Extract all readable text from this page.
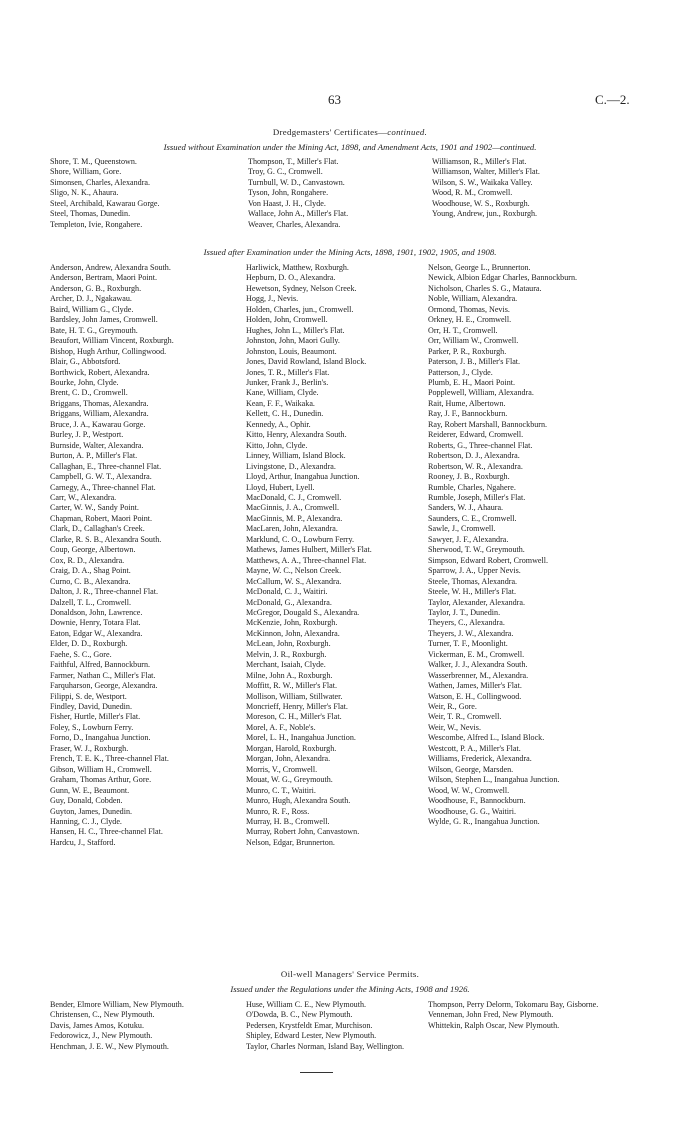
63	C.—2.
Dredgemasters' Certificates—continued.
Issued without Examination under the Mining Act, 1898, and Amendment Acts, 1901 and 1902—continued.
Shore, T. M., Queenstown.
Shore, William, Gore.
Simonsen, Charles, Alexandra.
Sligo, N. K., Ahaura.
Steel, Archibald, Kawarau Gorge.
Steel, Thomas, Dunedin.
Templeton, Ivie, Rongahere.
Thompson, T., Miller's Flat.
Troy, G. C., Cromwell.
Turnbull, W. D., Canvastown.
Tyson, John, Rongahere.
Von Haast, J. H., Clyde.
Wallace, John A., Miller's Flat.
Weaver, Charles, Alexandra.
Williamson, R., Miller's Flat.
Williamson, Walter, Miller's Flat.
Wilson, S. W., Waikaka Valley.
Wood, R. M., Cromwell.
Woodhouse, W. S., Roxburgh.
Young, Andrew, jun., Roxburgh.
Issued after Examination under the Mining Acts, 1898, 1901, 1902, 1905, and 1908.
Anderson, Andrew, Alexandra South.
Anderson, Bertram, Maori Point.
Anderson, G. B., Roxburgh.
Archer, D. J., Ngakawau.
Baird, William G., Clyde.
Bardsley, John James, Cromwell.
Bate, H. T. G., Greymouth.
Beaufort, William Vincent, Roxburgh.
Bishop, Hugh Arthur, Collingwood.
Blair, G., Abbotsford.
Borthwick, Robert, Alexandra.
Bourke, John, Clyde.
Brent, C. D., Cromwell.
Briggans, Thomas, Alexandra.
Briggans, William, Alexandra.
Bruce, J. A., Kawarau Gorge.
Burley, J. P., Westport.
Burnside, Walter, Alexandra.
Burton, A. P., Miller's Flat.
Callaghan, E., Three-channel Flat.
Campbell, G. W. T., Alexandra.
Carnegy, A., Three-channel Flat.
Carr, W., Alexandra.
Carter, W. W., Sandy Point.
Chapman, Robert, Maori Point.
Clark, D., Callaghan's Creek.
Clarke, R. S. B., Alexandra South.
Coup, George, Albertown.
Cox, R. D., Alexandra.
Craig, D. A., Shag Point.
Curno, C. B., Alexandra.
Dalton, J. R., Three-channel Flat.
Dalzell, T. L., Cromwell.
Donaldson, John, Lawrence.
Downie, Henry, Totara Flat.
Eaton, Edgar W., Alexandra.
Elder, D. D., Roxburgh.
Faehe, S. C., Gore.
Faithful, Alfred, Bannockburn.
Farmer, Nathan C., Miller's Flat.
Farquharson, George, Alexandra.
Filippi, S. de, Westport.
Findley, David, Dunedin.
Fisher, Hurtle, Miller's Flat.
Foley, S., Lowburn Ferry.
Forno, D., Inangahua Junction.
Fraser, W. J., Roxburgh.
French, T. E. K., Three-channel Flat.
Gibson, William H., Cromwell.
Graham, Thomas Arthur, Gore.
Gunn, W. E., Beaumont.
Guy, Donald, Cobden.
Guyton, James, Dunedin.
Hanning, C. J., Clyde.
Hansen, H. C., Three-channel Flat.
Hardcu, J., Stafford.
Harliwick, Matthew, Roxburgh.
Hepburn, D. O., Alexandra.
Hewetson, Sydney, Nelson Creek.
Hogg, J., Nevis.
Holden, Charles, jun., Cromwell.
Holden, John, Cromwell.
Hughes, John L., Miller's Flat.
Johnston, John, Maori Gully.
Johnston, Louis, Beaumont.
Jones, David Rowland, Island Block.
Jones, T. R., Miller's Flat.
Junker, Frank J., Berlin's.
Kane, William, Clyde.
Kean, F. F., Waikaka.
Kellett, C. H., Dunedin.
Kennedy, A., Ophir.
Kitto, Henry, Alexandra South.
Kitto, John, Clyde.
Linney, William, Island Block.
Livingstone, D., Alexandra.
Lloyd, Arthur, Inangahua Junction.
Lloyd, Hubert, Lyell.
MacDonald, C. J., Cromwell.
MacGinnis, J. A., Cromwell.
MacGinnis, M. P., Alexandra.
MacLaren, John, Alexandra.
Marklund, C. O., Lowburn Ferry.
Mathews, James Hulbert, Miller's Flat.
Matthews, A. A., Three-channel Flat.
Mayne, W. C., Nelson Creek.
McCallum, W. S., Alexandra.
McDonald, C. J., Waitiri.
McDonald, G., Alexandra.
McGregor, Dougald S., Alexandra.
McKenzie, John, Roxburgh.
McKinnon, John, Alexandra.
McLean, John, Roxburgh.
Melvin, J. R., Roxburgh.
Merchant, Isaiah, Clyde.
Milne, John A., Roxburgh.
Moffitt, R. W., Miller's Flat.
Mollison, William, Stillwater.
Moncrieff, Henry, Miller's Flat.
Moreson, C. H., Miller's Flat.
Morel, A. F., Noble's.
Morel, L. H., Inangahua Junction.
Morgan, Harold, Roxburgh.
Morgan, John, Alexandra.
Morris, V., Cromwell.
Mouat, W. G., Greymouth.
Munro, C. T., Waitiri.
Munro, Hugh, Alexandra South.
Munro, R. F., Ross.
Murray, H. B., Cromwell.
Murray, Robert John, Canvastown.
Nelson, Edgar, Brunnerton.
Nelson, George L., Brunnerton.
Newick, Albion Edgar Charles, Bannockburn.
Nicholson, Charles S. G., Mataura.
Noble, William, Alexandra.
Ormond, Thomas, Nevis.
Orkney, H. E., Cromwell.
Orr, H. T., Cromwell.
Orr, William W., Cromwell.
Parker, P. R., Roxburgh.
Paterson, J. B., Miller's Flat.
Patterson, J., Clyde.
Plumb, E. H., Maori Point.
Popplewell, William, Alexandra.
Rait, Hume, Albertown.
Ray, J. F., Bannockburn.
Ray, Robert Marshall, Bannockburn.
Reiderer, Edward, Cromwell.
Roberts, G., Three-channel Flat.
Robertson, D. J., Alexandra.
Robertson, W. R., Alexandra.
Rooney, J. B., Roxburgh.
Rumble, Charles, Ngahere.
Rumble, Joseph, Miller's Flat.
Sanders, W. J., Ahaura.
Saunders, C. E., Cromwell.
Sawle, J., Cromwell.
Sawyer, J. F., Alexandra.
Sherwood, T. W., Greymouth.
Simpson, Edward Robert, Cromwell.
Sparrow, J. A., Upper Nevis.
Steele, Thomas, Alexandra.
Steele, W. H., Miller's Flat.
Taylor, Alexander, Alexandra.
Taylor, J. T., Dunedin.
Theyers, C., Alexandra.
Theyers, J. W., Alexandra.
Turner, T. F., Moonlight.
Vickerman, E. M., Cromwell.
Walker, J. J., Alexandra South.
Wasserbrenner, M., Alexandra.
Wathen, James, Miller's Flat.
Watson, E. H., Collingwood.
Weir, R., Gore.
Weir, T. R., Cromwell.
Weir, W., Nevis.
Wescombe, Alfred L., Island Block.
Westcott, P. A., Miller's Flat.
Williams, Frederick, Alexandra.
Wilson, George, Marsden.
Wilson, Stephen L., Inangahua Junction.
Wood, W. W., Cromwell.
Woodhouse, F., Bannockburn.
Woodhouse, G. G., Waitiri.
Wylde, G. R., Inangahua Junction.
Oil-well Managers' Service Permits.
Issued under the Regulations under the Mining Acts, 1908 and 1926.
Bender, Elmore William, New Plymouth.
Christensen, C., New Plymouth.
Davis, James Amos, Kotuku.
Fedorowicz, J., New Plymouth.
Henchman, J. E. W., New Plymouth.
Huse, William C. E., New Plymouth.
O'Dowda, B. C., New Plymouth.
Pedersen, Krystfeldt Emar, Murchison.
Shipley, Edward Lester, New Plymouth.
Taylor, Charles Norman, Island Bay, Wellington.
Thompson, Perry Delorm, Tokomaru Bay, Gisborne.
Venneman, John Fred, New Plymouth.
Whittekin, Ralph Oscar, New Plymouth.
